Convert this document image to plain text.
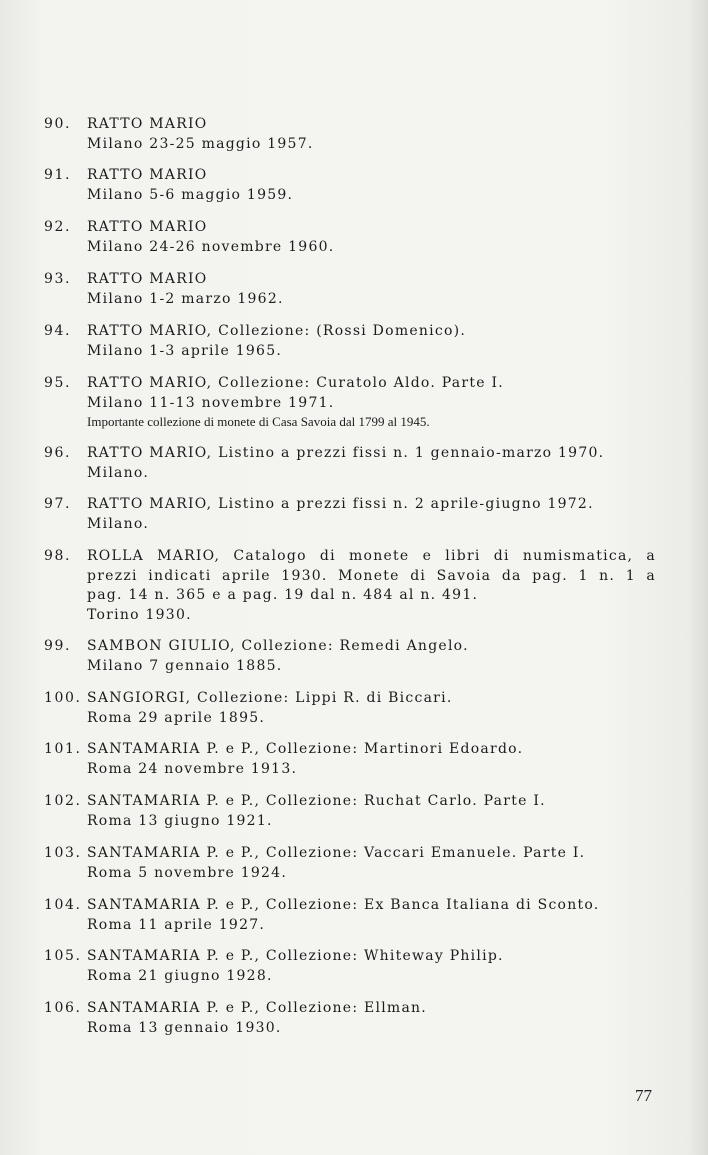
90. RATTO MARIO
Milano 23-25 maggio 1957.
91. RATTO MARIO
Milano 5-6 maggio 1959.
92. RATTO MARIO
Milano 24-26 novembre 1960.
93. RATTO MARIO
Milano 1-2 marzo 1962.
94. RATTO MARIO, Collezione: (Rossi Domenico).
Milano 1-3 aprile 1965.
95. RATTO MARIO, Collezione: Curatolo Aldo. Parte I.
Milano 11-13 novembre 1971.
Importante collezione di monete di Casa Savoia dal 1799 al 1945.
96. RATTO MARIO, Listino a prezzi fissi n. 1 gennaio-marzo 1970.
Milano.
97. RATTO MARIO, Listino a prezzi fissi n. 2 aprile-giugno 1972.
Milano.
98. ROLLA MARIO, Catalogo di monete e libri di numismatica, a
prezzi indicati aprile 1930. Monete di Savoia da pag. 1 n. 1 a
pag. 14 n. 365 e a pag. 19 dal n. 484 al n. 491.
Torino 1930.
99. SAMBON GIULIO, Collezione: Remedi Angelo.
Milano 7 gennaio 1885.
100. SANGIORGI, Collezione: Lippi R. di Biccari.
Roma 29 aprile 1895.
101. SANTAMARIA P. e P., Collezione: Martinori Edoardo.
Roma 24 novembre 1913.
102. SANTAMARIA P. e P., Collezione: Ruchat Carlo. Parte I.
Roma 13 giugno 1921.
103. SANTAMARIA P. e P., Collezione: Vaccari Emanuele. Parte I.
Roma 5 novembre 1924.
104. SANTAMARIA P. e P., Collezione: Ex Banca Italiana di Sconto.
Roma 11 aprile 1927.
105. SANTAMARIA P. e P., Collezione: Whiteway Philip.
Roma 21 giugno 1928.
106. SANTAMARIA P. e P., Collezione: Ellman.
Roma 13 gennaio 1930.
77
